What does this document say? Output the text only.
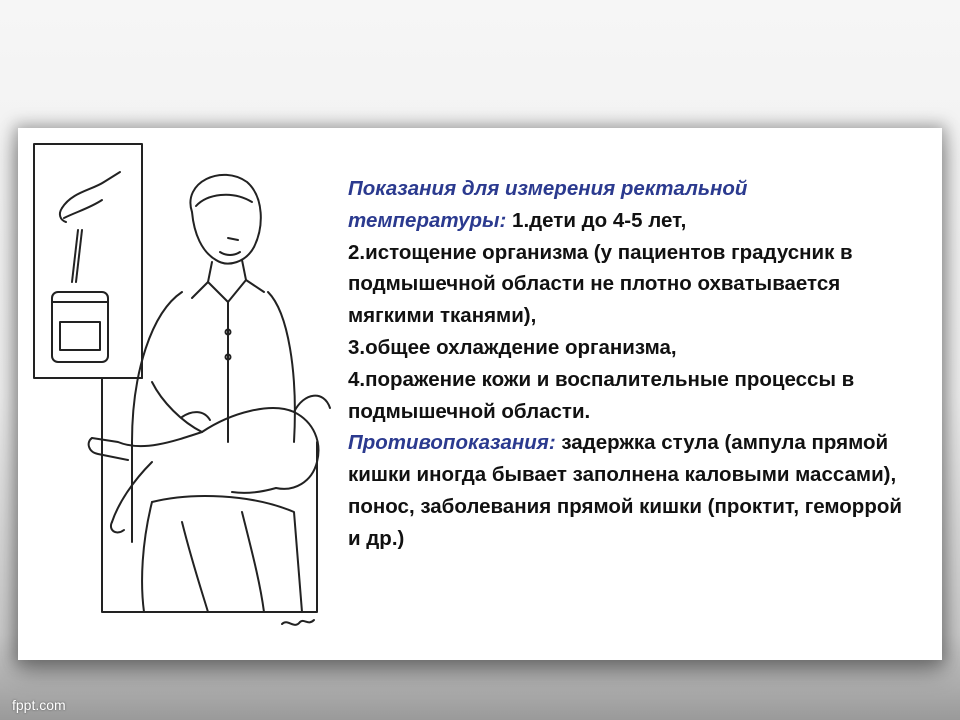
Показания для измерения ректальной температуры: 1.дети до 4-5 лет,
2.истощение организма (у пациентов градусник в подмышечной области не плотно охватывается мягкими тканями),
3.общее охлаждение организма,
4.поражение кожи и воспалительные процессы в подмышечной области.
Противопоказания: задержка стула (ампула прямой кишки иногда бывает заполнена каловыми массами), понос, заболевания прямой кишки (проктит, геморрой и др.)
fppt.com
